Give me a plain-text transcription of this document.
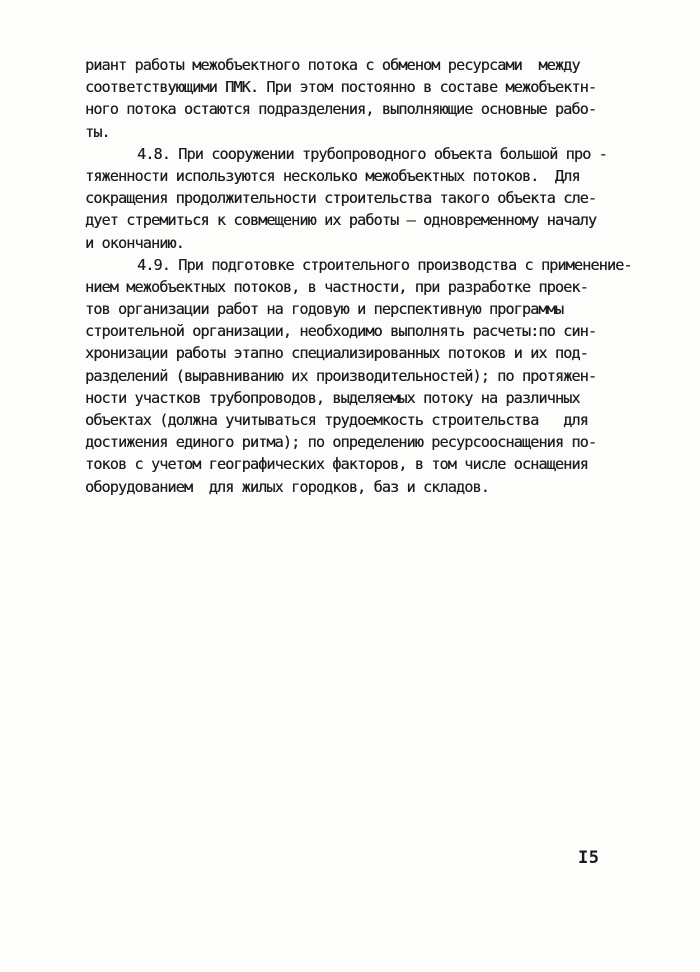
риант работы межобъектного потока с обменом ресурсами  между
соответствующими ПМК. При этом постоянно в составе межобъектн-
ного потока остаются подразделения, выполняющие основные рабо-
ты.
4.8. При сооружении трубопроводного объекта большой про -
тяженности используются несколько межобъектных потоков.  Для
сокращения продолжительности строительства такого объекта сле-
дует стремиться к совмещению их работы – одновременному началу
и окончанию.
4.9. При подготовке строительного производства с применение-
нием межобъектных потоков, в частности, при разработке проек-
тов организации работ на годовую и перспективную программы
строительной организации, необходимо выполнять расчеты:по син-
хронизации работы этапно специализированных потоков и их под-
разделений (выравниванию их производительностей); по протяжен-
ности участков трубопроводов, выделяемых потоку на различных
объектах (должна учитываться трудоемкость строительства   для
достижения единого ритма); по определению ресурсооснащения по-
токов с учетом географических факторов, в том числе оснащения
оборудованием  для жилых городков, баз и складов.
I5
